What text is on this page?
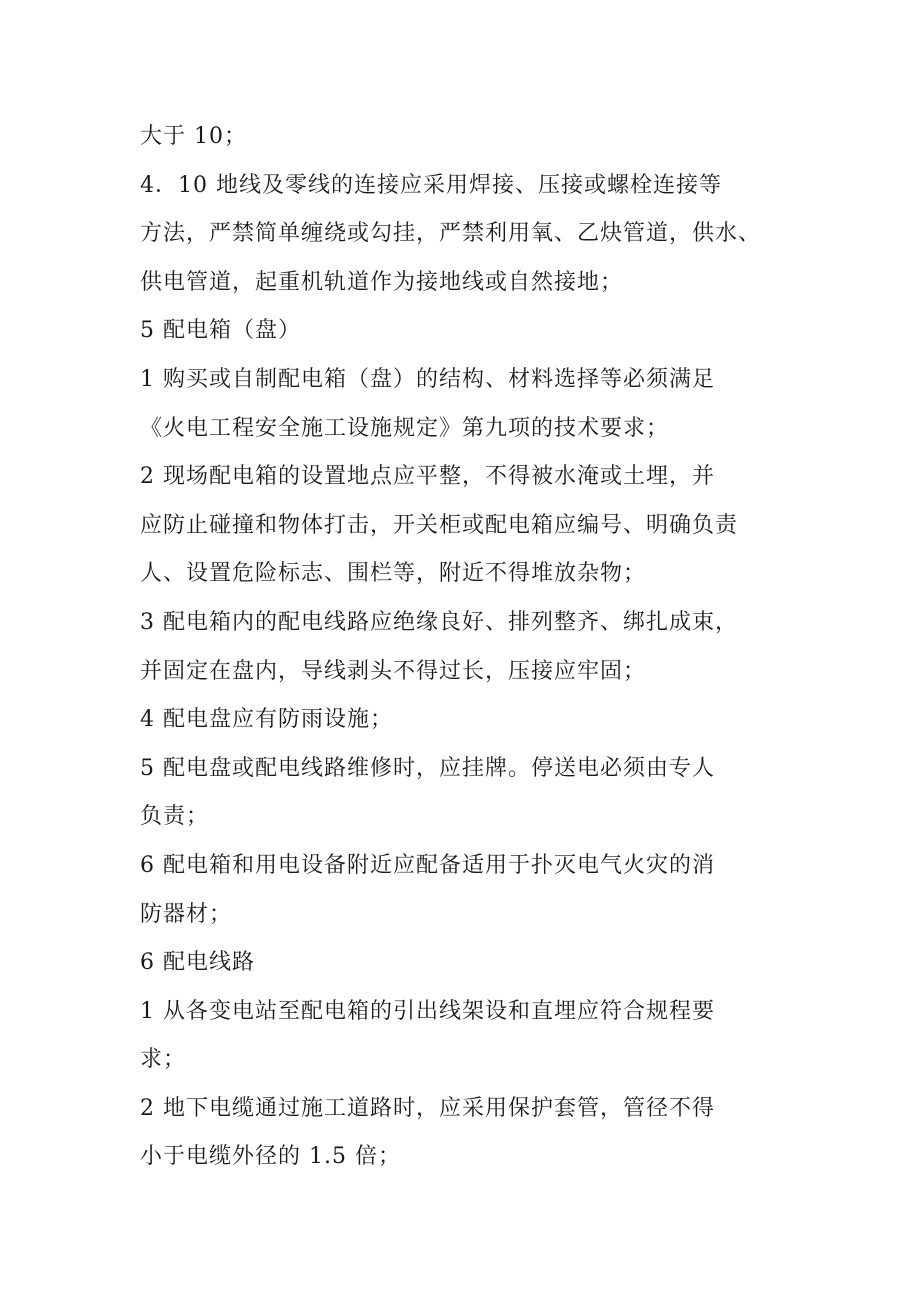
大于 10；
4．10 地线及零线的连接应采用焊接、压接或螺栓连接等
方法，严禁简单缠绕或勾挂，严禁利用氧、乙炔管道，供水、
供电管道，起重机轨道作为接地线或自然接地；
5 配电箱（盘）
1 购买或自制配电箱（盘）的结构、材料选择等必须满足
《火电工程安全施工设施规定》第九项的技术要求；
2 现场配电箱的设置地点应平整，不得被水淹或土埋，并
应防止碰撞和物体打击，开关柜或配电箱应编号、明确负责
人、设置危险标志、围栏等，附近不得堆放杂物；
3 配电箱内的配电线路应绝缘良好、排列整齐、绑扎成束，
并固定在盘内，导线剥头不得过长，压接应牢固；
4 配电盘应有防雨设施；
5 配电盘或配电线路维修时，应挂牌。停送电必须由专人
负责；
6 配电箱和用电设备附近应配备适用于扑灭电气火灾的消
防器材；
6 配电线路
1 从各变电站至配电箱的引出线架设和直埋应符合规程要
求；
2 地下电缆通过施工道路时，应采用保护套管，管径不得
小于电缆外径的 1.5 倍；
